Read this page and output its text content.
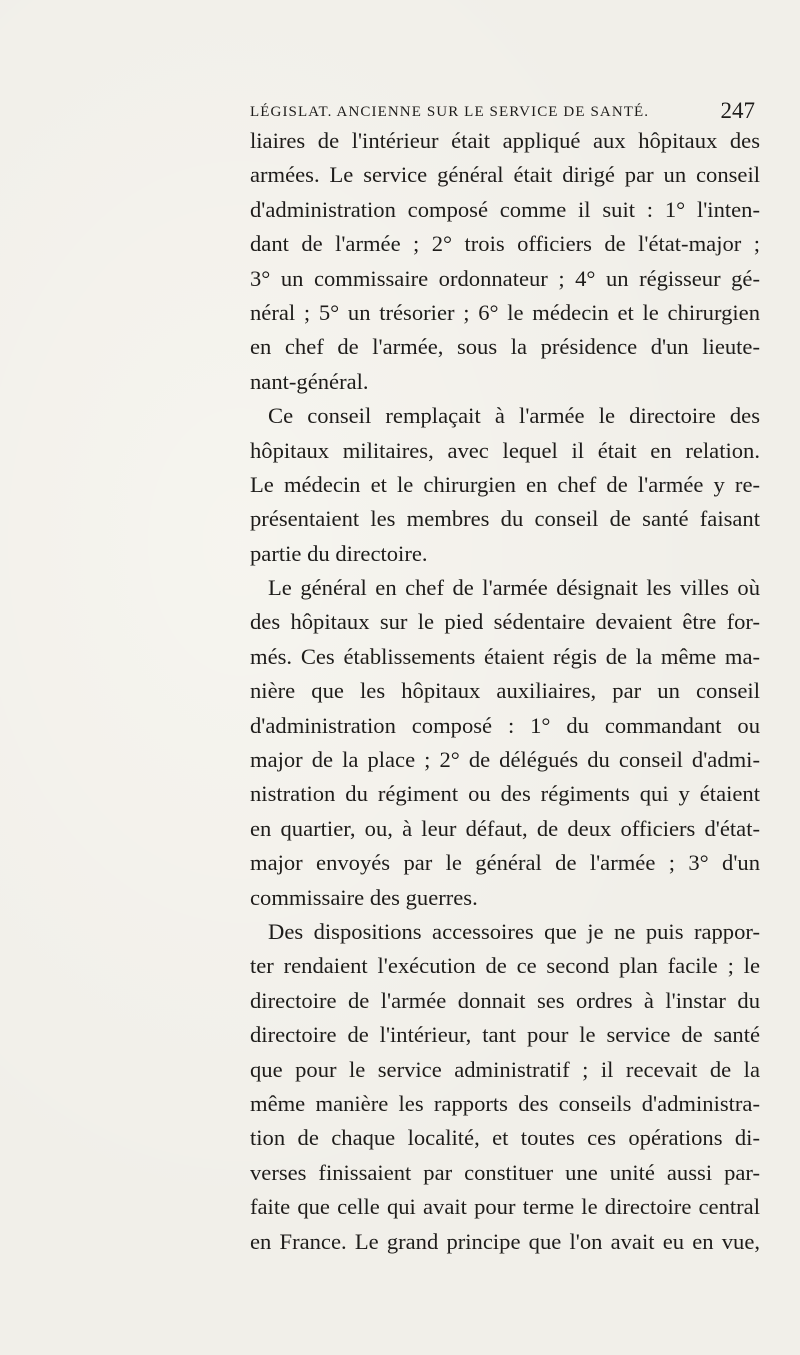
LÉGISLAT. ANCIENNE SUR LE SERVICE DE SANTÉ.	247
liaires de l'intérieur était appliqué aux hôpitaux des
armées. Le service général était dirigé par un conseil
d'administration composé comme il suit : 1° l'inten-
dant de l'armée ; 2° trois officiers de l'état-major ;
3° un commissaire ordonnateur ; 4° un régisseur gé-
néral ; 5° un trésorier ; 6° le médecin et le chirurgien
en chef de l'armée, sous la présidence d'un lieute-
nant-général.
Ce conseil remplaçait à l'armée le directoire des
hôpitaux militaires, avec lequel il était en relation.
Le médecin et le chirurgien en chef de l'armée y re-
présentaient les membres du conseil de santé faisant
partie du directoire.
Le général en chef de l'armée désignait les villes où
des hôpitaux sur le pied sédentaire devaient être for-
més. Ces établissements étaient régis de la même ma-
nière que les hôpitaux auxiliaires, par un conseil
d'administration composé : 1° du commandant ou
major de la place ; 2° de délégués du conseil d'admi-
nistration du régiment ou des régiments qui y étaient
en quartier, ou, à leur défaut, de deux officiers d'état-
major envoyés par le général de l'armée ; 3° d'un
commissaire des guerres.
Des dispositions accessoires que je ne puis rappor-
ter rendaient l'exécution de ce second plan facile ; le
directoire de l'armée donnait ses ordres à l'instar du
directoire de l'intérieur, tant pour le service de santé
que pour le service administratif ; il recevait de la
même manière les rapports des conseils d'administra-
tion de chaque localité, et toutes ces opérations di-
verses finissaient par constituer une unité aussi par-
faite que celle qui avait pour terme le directoire central
en France. Le grand principe que l'on avait eu en vue,
